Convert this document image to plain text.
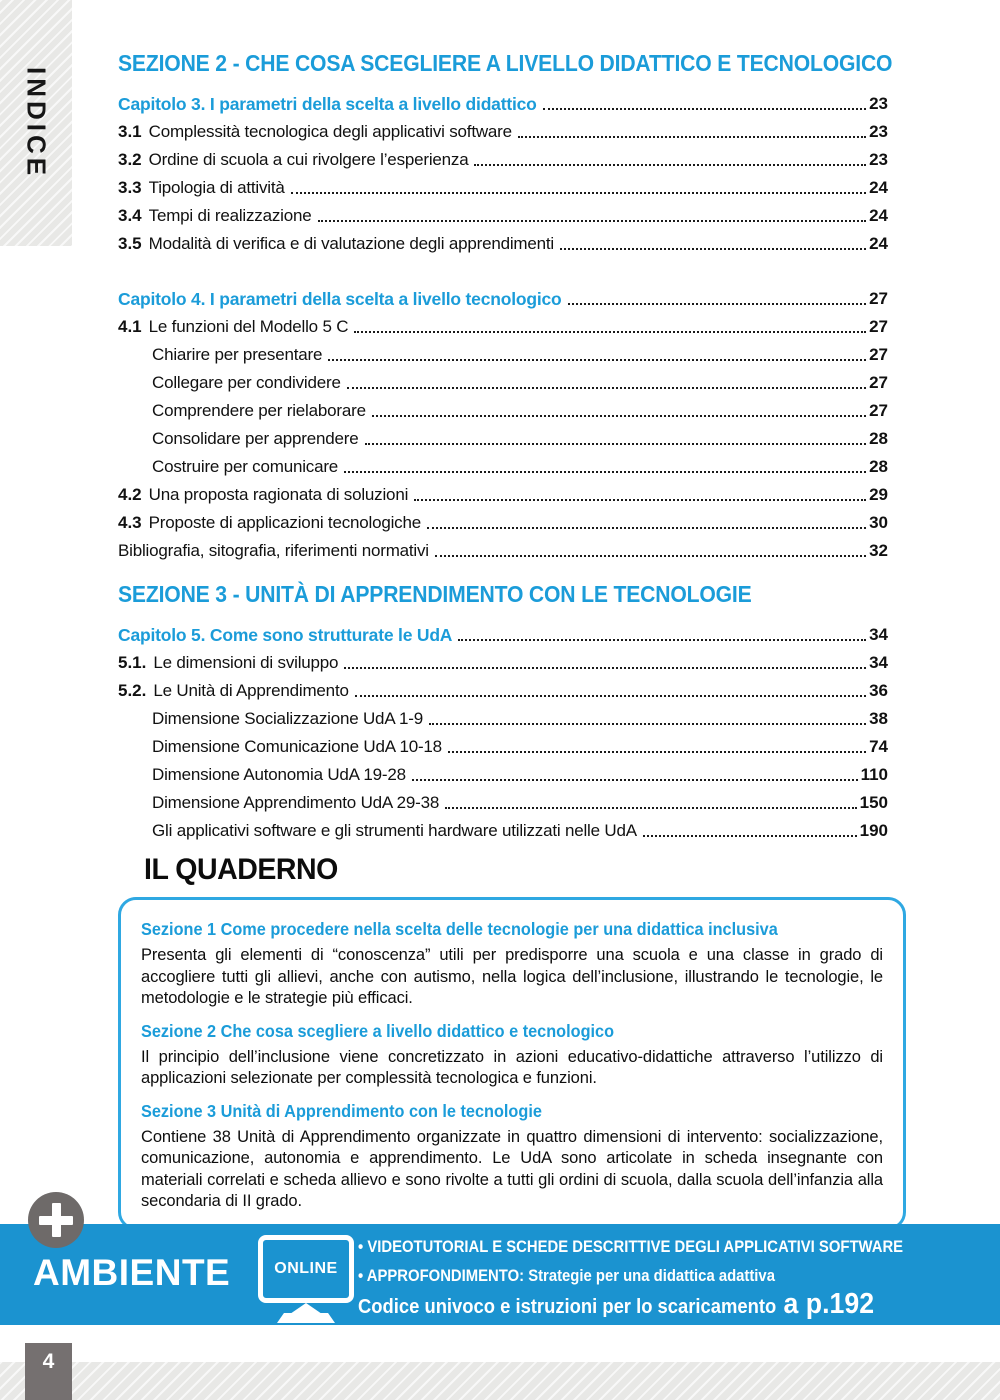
INDICE
SEZIONE 2 - CHE COSA SCEGLIERE A LIVELLO DIDATTICO E TECNOLOGICO
Capitolo 3. I parametri della scelta a livello didattico	23
3.1 Complessità tecnologica degli applicativi software	23
3.2 Ordine di scuola a cui rivolgere l’esperienza	23
3.3 Tipologia di attività	24
3.4 Tempi di realizzazione	24
3.5 Modalità di verifica e di valutazione degli apprendimenti	24
Capitolo 4. I parametri della scelta a livello tecnologico	27
4.1 Le funzioni del Modello 5 C	27
Chiarire per presentare	27
Collegare per condividere	27
Comprendere per rielaborare	27
Consolidare per apprendere	28
Costruire per comunicare	28
4.2 Una proposta ragionata di soluzioni	29
4.3 Proposte di applicazioni tecnologiche	30
Bibliografia, sitografia, riferimenti normativi	32
SEZIONE 3 - UNITÀ DI APPRENDIMENTO CON LE TECNOLOGIE
Capitolo 5. Come sono strutturate le UdA	34
5.1. Le dimensioni di sviluppo	34
5.2. Le Unità di Apprendimento	36
Dimensione Socializzazione UdA 1-9	38
Dimensione Comunicazione UdA 10-18	74
Dimensione Autonomia UdA 19-28	110
Dimensione Apprendimento UdA 29-38	150
Gli applicativi software e gli strumenti hardware utilizzati nelle UdA	190
IL QUADERNO
Sezione 1 Come procedere nella scelta delle tecnologie per una didattica inclusiva

Presenta gli elementi di “conoscenza” utili per predisporre una scuola e una classe in grado di accogliere tutti gli allievi, anche con autismo, nella logica dell’inclusione, illustrando le tecnologie, le metodologie e le strategie più efficaci.

Sezione 2 Che cosa scegliere a livello didattico e tecnologico

Il principio dell’inclusione viene concretizzato in azioni educativo-didattiche attraverso l’utilizzo di applicazioni selezionate per complessità tecnologica e funzioni.

Sezione 3 Unità di Apprendimento con le tecnologie

Contiene 38 Unità di Apprendimento organizzate in quattro dimensioni di intervento: socializzazione, comunicazione, autonomia e apprendimento. Le UdA sono articolate in scheda insegnante con materiali correlati e scheda allievo e sono rivolte a tutti gli ordini di scuola, dalla scuola dell’infanzia alla secondaria di II grado.

AMBIENTE	ONLINE
• VIDEOTUTORIAL E SCHEDE DESCRITTIVE DEGLI APPLICATIVI SOFTWARE
• APPROFONDIMENTO: Strategie per una didattica adattiva
Codice univoco e istruzioni per lo scaricamento a p.192
4
